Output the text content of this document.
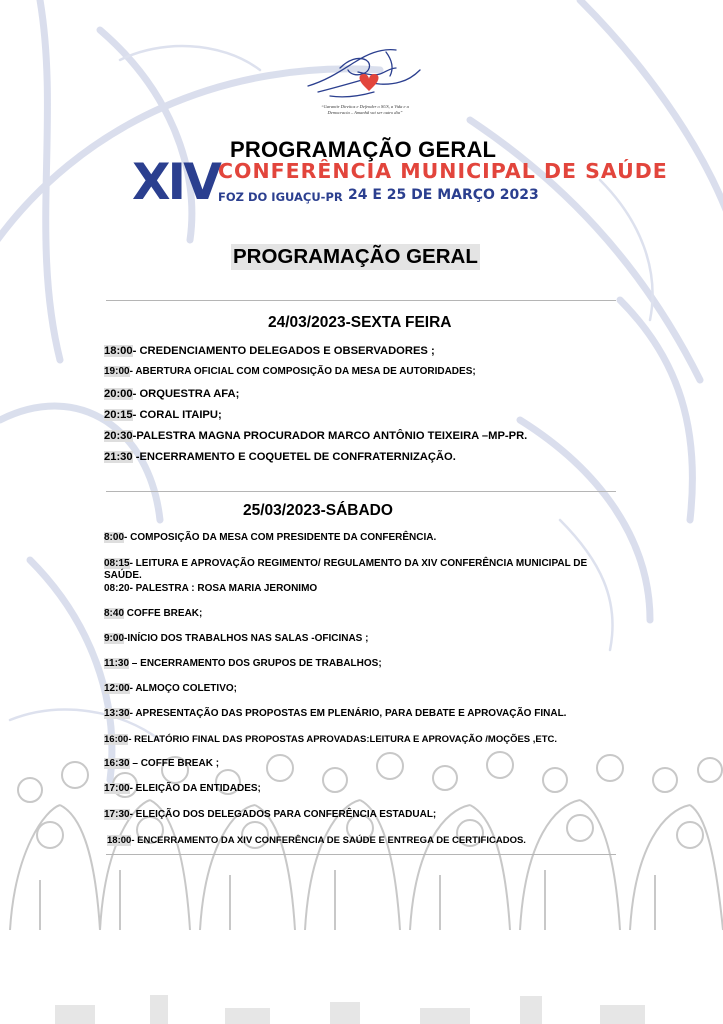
“Garantir Direitos e Defender o SUS, a Vida e a Democracia – Amanhã vai ser outro dia”
PROGRAMAÇÃO GERAL
XIV CONFERÊNCIA MUNICIPAL DE SAÚDE
FOZ DO IGUAÇU-PR 24 E 25 DE MARÇO 2023
PROGRAMAÇÃO GERAL
24/03/2023-SEXTA FEIRA
18:00- CREDENCIAMENTO DELEGADOS E OBSERVADORES ;
19:00- ABERTURA OFICIAL COM COMPOSIÇÃO DA MESA DE AUTORIDADES;
20:00- ORQUESTRA AFA;
20:15- CORAL ITAIPU;
20:30-PALESTRA MAGNA PROCURADOR MARCO ANTÔNIO TEIXEIRA –MP-PR.
21:30 -ENCERRAMENTO E COQUETEL DE CONFRATERNIZAÇÃO.
25/03/2023-SÁBADO
8:00- COMPOSIÇÃO DA MESA COM PRESIDENTE DA CONFERÊNCIA.
08:15- LEITURA E APROVAÇÃO REGIMENTO/ REGULAMENTO DA XIV CONFERÊNCIA MUNICIPAL DE SAÚDE.
08:20- PALESTRA : ROSA MARIA JERONIMO
8:40 COFFE BREAK;
9:00-INÍCIO DOS TRABALHOS NAS SALAS -OFICINAS ;
11:30 – ENCERRAMENTO DOS GRUPOS DE TRABALHOS;
12:00- ALMOÇO COLETIVO;
13:30- APRESENTAÇÃO DAS PROPOSTAS EM PLENÁRIO, PARA DEBATE E APROVAÇÃO FINAL.
16:00- RELATÓRIO FINAL DAS PROPOSTAS APROVADAS:LEITURA E APROVAÇÃO /MOÇÕES ,ETC.
16:30 – COFFE BREAK ;
17:00- ELEIÇÃO DA ENTIDADES;
17:30- ELEIÇÃO DOS DELEGADOS PARA CONFERÊNCIA ESTADUAL;
18:00- ENCERRAMENTO DA XIV CONFERÊNCIA DE SAÚDE E ENTREGA DE CERTIFICADOS.
